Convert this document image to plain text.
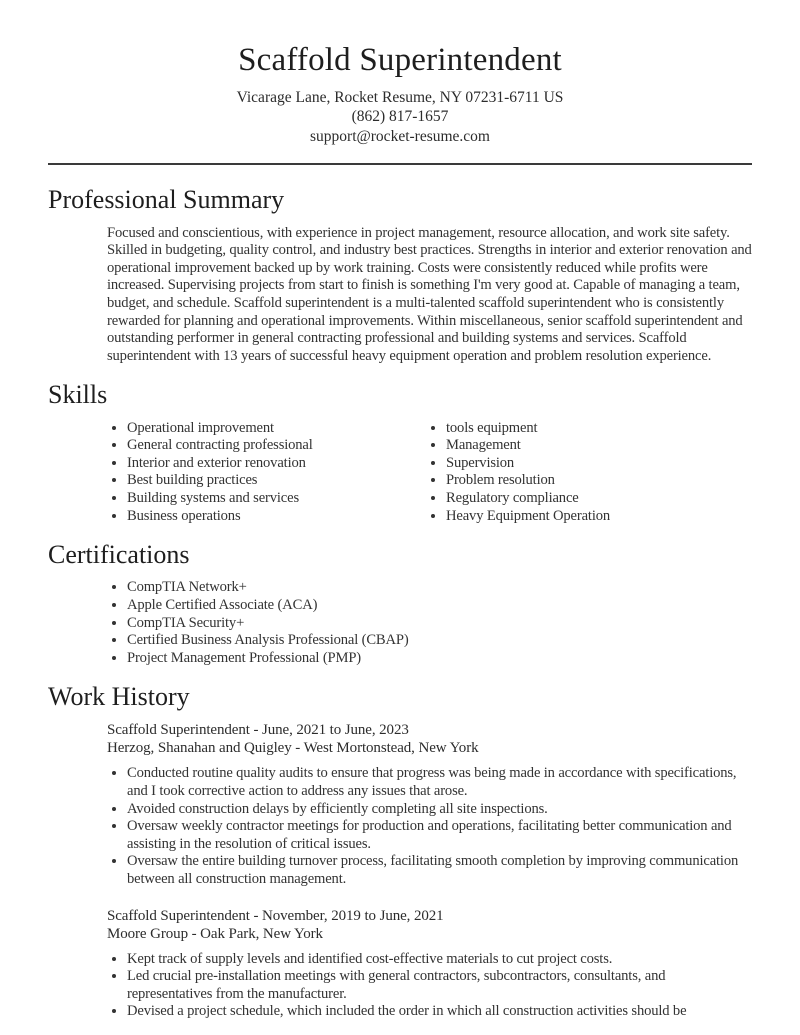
Scaffold Superintendent
Vicarage Lane, Rocket Resume, NY 07231-6711 US
(862) 817-1657
support@rocket-resume.com
Professional Summary

Focused and conscientious, with experience in project management, resource allocation, and work site safety. Skilled in budgeting, quality control, and industry best practices. Strengths in interior and exterior renovation and operational improvement backed up by work training. Costs were consistently reduced while profits were increased. Supervising projects from start to finish is something I'm very good at. Capable of managing a team, budget, and schedule. Scaffold superintendent is a multi-talented scaffold superintendent who is consistently rewarded for planning and operational improvements. Within miscellaneous, senior scaffold superintendent and outstanding performer in general contracting professional and building systems and services. Scaffold superintendent with 13 years of successful heavy equipment operation and problem resolution experience.

Skills
• Operational improvement
• General contracting professional
• Interior and exterior renovation
• Best building practices
• Building systems and services
• Business operations
• tools equipment
• Management
• Supervision
• Problem resolution
• Regulatory compliance
• Heavy Equipment Operation
Certifications
• CompTIA Network+
• Apple Certified Associate (ACA)
• CompTIA Security+
• Certified Business Analysis Professional (CBAP)
• Project Management Professional (PMP)
Work History
Scaffold Superintendent - June, 2021 to June, 2023
Herzog, Shanahan and Quigley - West Mortonstead, New York
• Conducted routine quality audits to ensure that progress was being made in accordance with specifications, and I took corrective action to address any issues that arose.
• Avoided construction delays by efficiently completing all site inspections.
• Oversaw weekly contractor meetings for production and operations, facilitating better communication and assisting in the resolution of critical issues.
• Oversaw the entire building turnover process, facilitating smooth completion by improving communication between all construction management.
Scaffold Superintendent - November, 2019 to June, 2021
Moore Group - Oak Park, New York
• Kept track of supply levels and identified cost-effective materials to cut project costs.
• Led crucial pre-installation meetings with general contractors, subcontractors, consultants, and representatives from the manufacturer.
• Devised a project schedule, which included the order in which all construction activities should be
